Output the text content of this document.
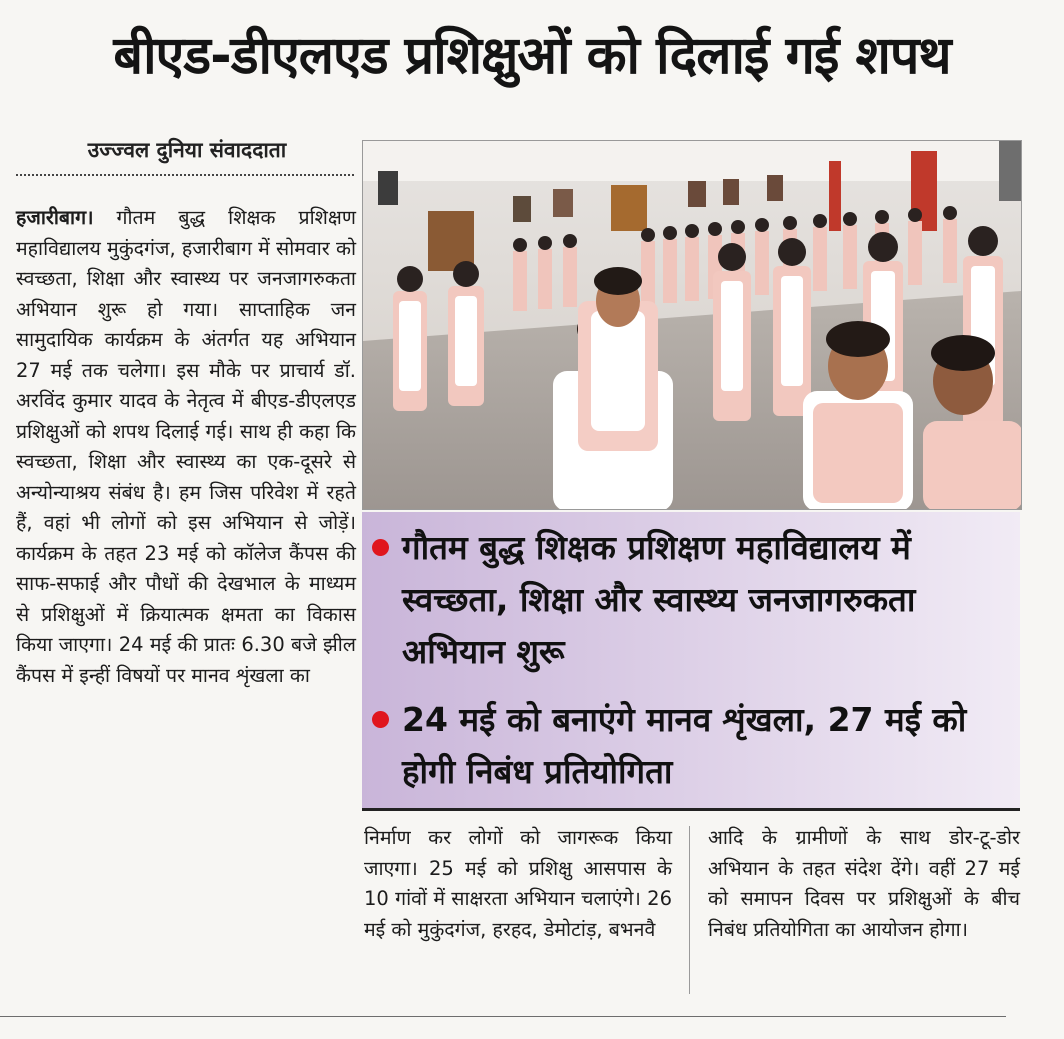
बीएड-डीएलएड प्रशिक्षुओं को दिलाई गई शपथ
उज्ज्वल दुनिया संवाददाता

हजारीबाग। गौतम बुद्ध शिक्षक प्रशिक्षण महाविद्यालय मुकुंदगंज, हजारीबाग में सोमवार को स्वच्छता, शिक्षा और स्वास्थ्य पर जनजागरुकता अभियान शुरू हो गया। साप्ताहिक जन सामुदायिक कार्यक्रम के अंतर्गत यह अभियान 27 मई तक चलेगा। इस मौके पर प्राचार्य डॉ. अरविंद कुमार यादव के नेतृत्व में बीएड-डीएलएड प्रशिक्षुओं को शपथ दिलाई गई। साथ ही कहा कि स्वच्छता, शिक्षा और स्वास्थ्य का एक-दूसरे से अन्योन्याश्रय संबंध है। हम जिस परिवेश में रहते हैं, वहां भी लोगों को इस अभियान से जोड़ें। कार्यक्रम के तहत 23 मई को कॉलेज कैंपस की साफ-सफाई और पौधों की देखभाल के माध्यम से प्रशिक्षुओं में क्रियात्मक क्षमता का विकास किया जाएगा। 24 मई की प्रातः 6.30 बजे झील कैंपस में इन्हीं विषयों पर मानव शृंखला का

गौतम बुद्ध शिक्षक प्रशिक्षण महाविद्यालय में स्वच्छता, शिक्षा और स्वास्थ्य जनजागरुकता अभियान शुरू
24 मई को बनाएंगे मानव शृंखला, 27 मई को होगी निबंध प्रतियोगिता

निर्माण कर लोगों को जागरूक किया जाएगा। 25 मई को प्रशिक्षु आसपास के 10 गांवों में साक्षरता अभियान चलाएंगे। 26 मई को मुकुंदगंज, हरहद, डेमोटांड़, बभनवै

आदि के ग्रामीणों के साथ डोर-टू-डोर अभियान के तहत संदेश देंगे। वहीं 27 मई को समापन दिवस पर प्रशिक्षुओं के बीच निबंध प्रतियोगिता का आयोजन होगा।
